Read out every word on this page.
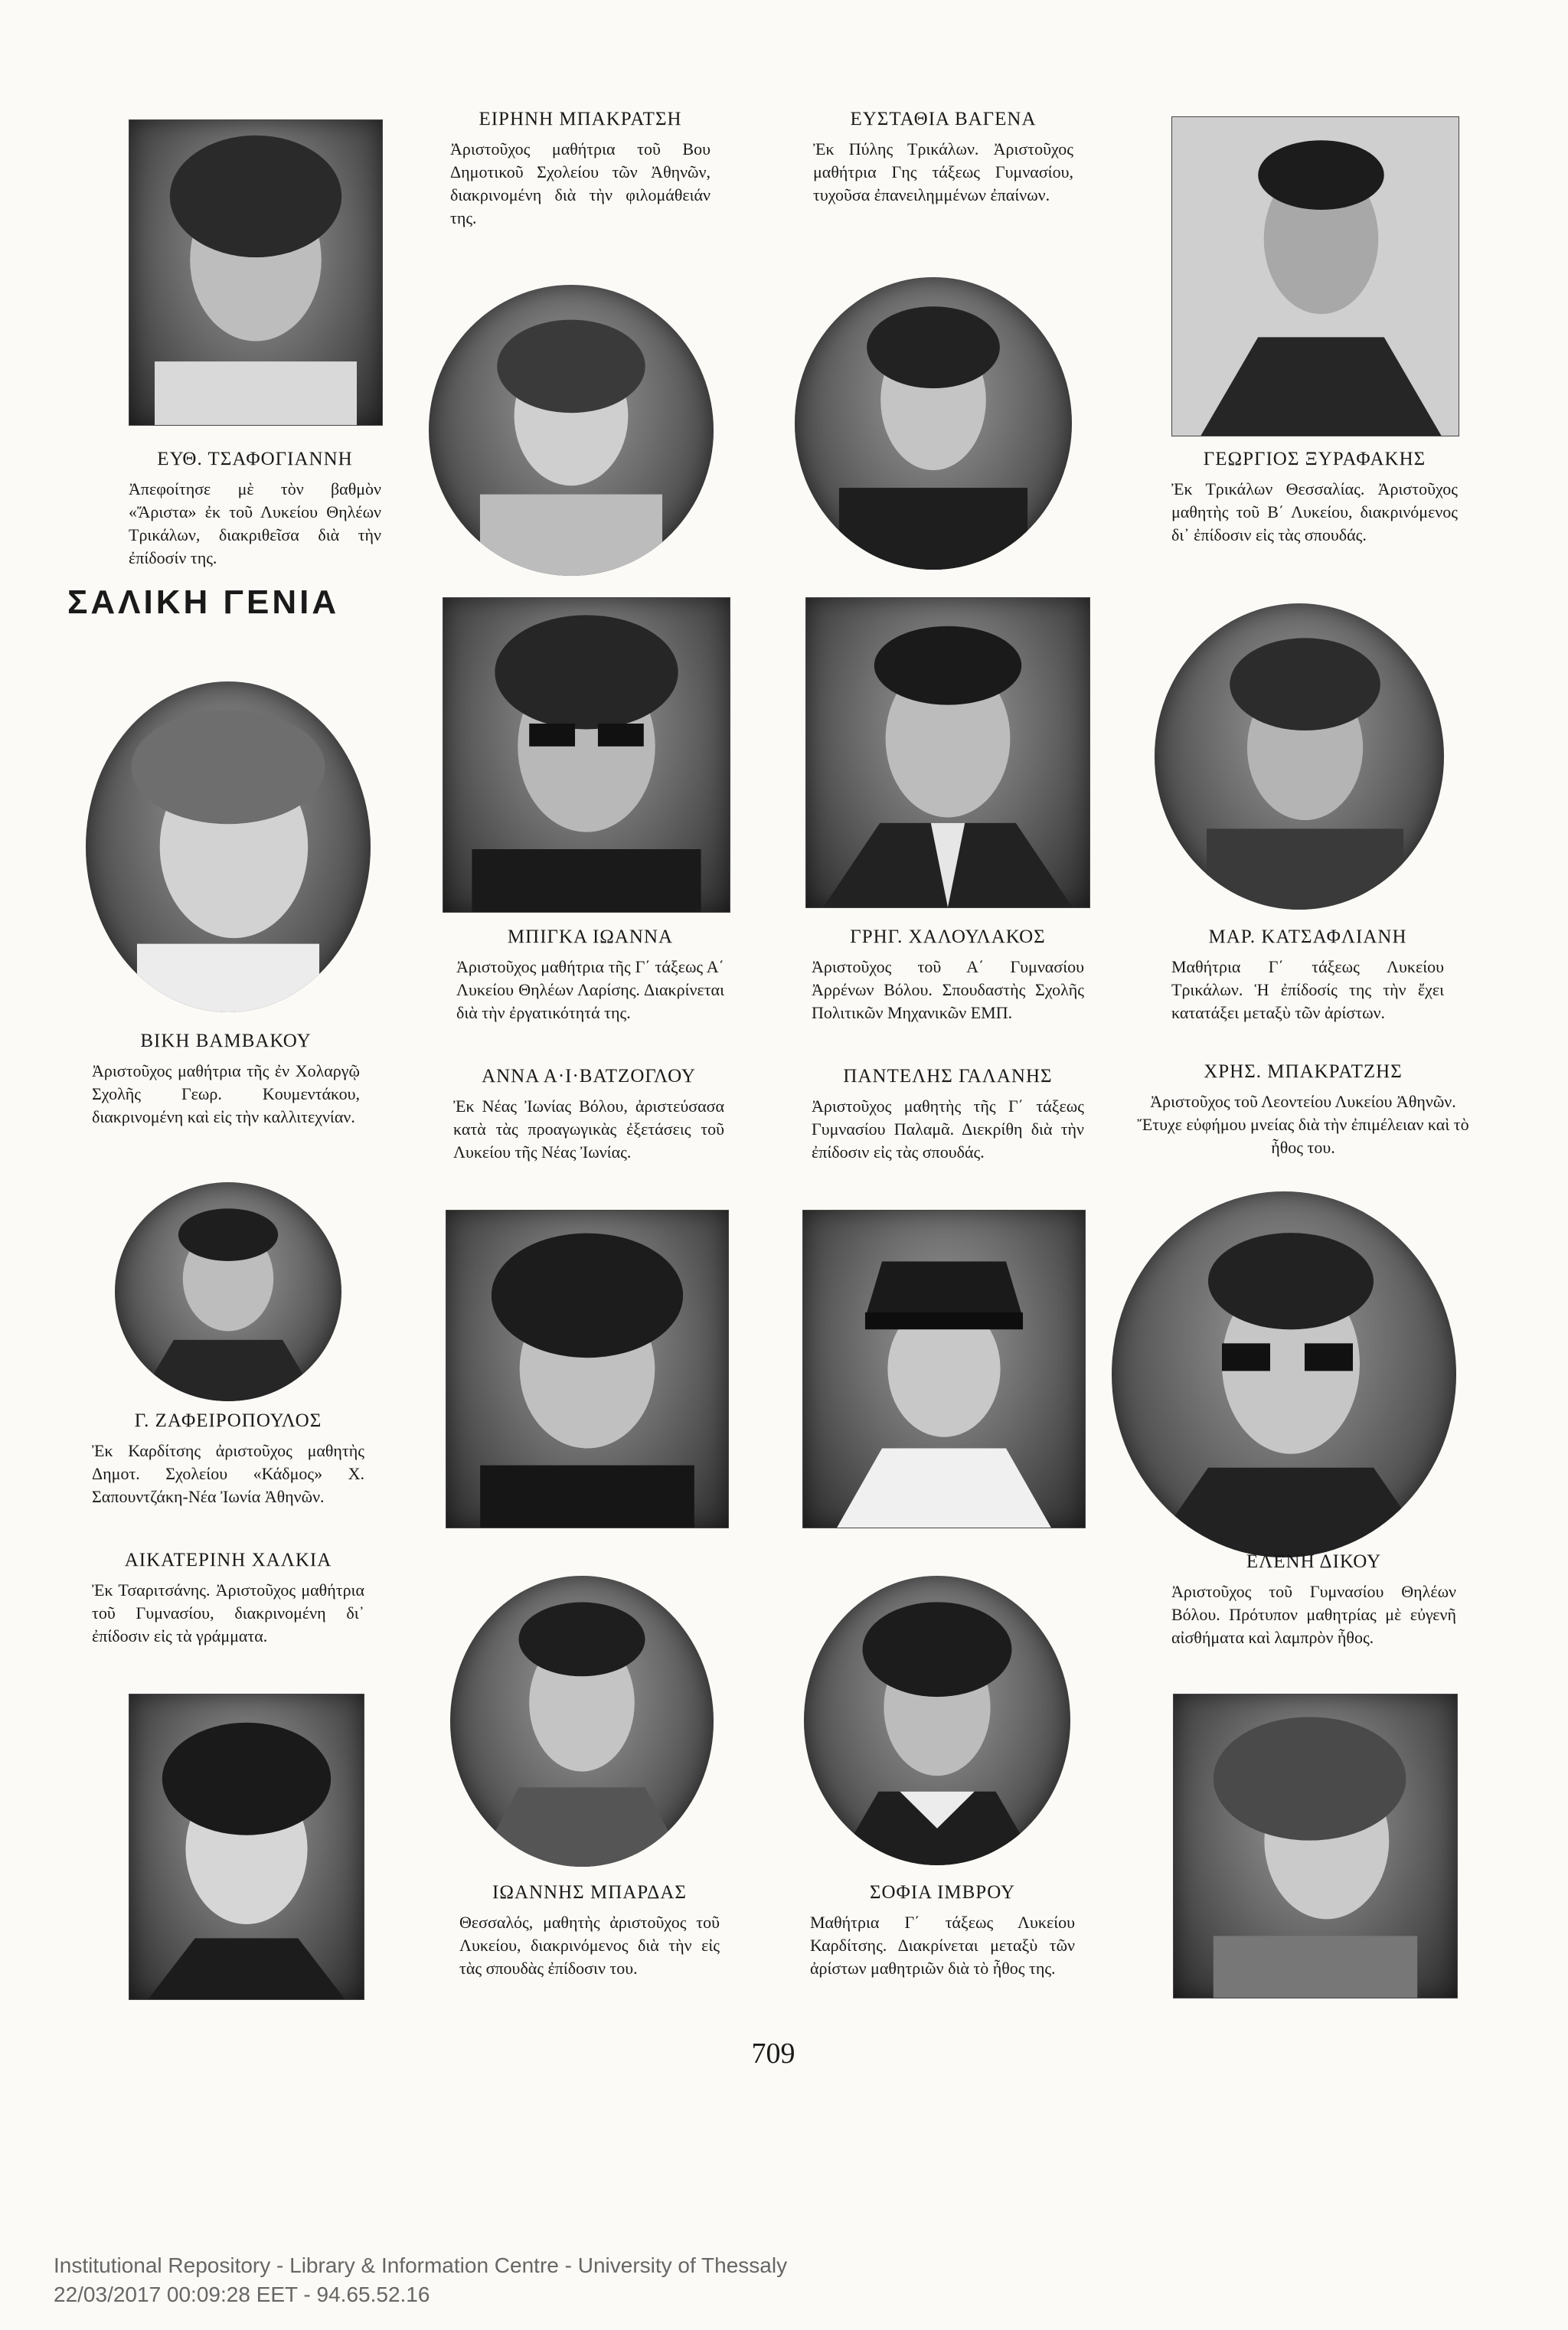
ΕΙΡΗΝΗ ΜΠΑΚΡΑΤΣΗ

Ἀριστοῦχος μαθήτρια τοῦ Βου Δημοτικοῦ Σχολείου τῶν Ἀθηνῶν, διακρινομένη διὰ τὴν φιλομάθειάν της.

ΕΥΣΤΑΘΙΑ ΒΑΓΕΝΑ

Ἐκ Πύλης Τρικάλων. Ἀριστοῦχος μαθήτρια Γης τάξεως Γυμνασίου, τυχοῦσα ἐπανειλημμένων ἐπαίνων.

ΕΥΘ. ΤΣΑΦΟΓΙΑΝΝΗ

Ἀπεφοίτησε μὲ τὸν βαθμὸν «Ἄριστα» ἐκ τοῦ Λυκείου Θηλέων Τρικάλων, διακριθεῖσα διὰ τὴν ἐπίδοσίν της.

ΓΕΩΡΓΙΟΣ ΞΥΡΑΦΑΚΗΣ

Ἐκ Τρικάλων Θεσσαλίας. Ἀριστοῦχος μαθητὴς τοῦ Β΄ Λυκείου, διακρινόμενος δι᾽ ἐπίδοσιν εἰς τὰς σπουδάς.

ΣΑΛΙΚΗ ΓΕΝΙΑ

ΒΙΚΗ ΒΑΜΒΑΚΟΥ

Ἀριστοῦχος μαθήτρια τῆς ἐν Χολαργῷ Σχολῆς Γεωρ. Κουμεντάκου, διακρινομένη καὶ εἰς τὴν καλλιτεχνίαν.

ΜΠΙΓΚΑ ΙΩΑΝΝΑ

Ἀριστοῦχος μαθήτρια τῆς Γ΄ τάξεως Α΄ Λυκείου Θηλέων Λαρίσης. Διακρίνεται διὰ τὴν ἐργατικότητά της.

ΓΡΗΓ. ΧΑΛΟΥΛΑΚΟΣ

Ἀριστοῦχος τοῦ Α΄ Γυμνασίου Ἀρρένων Βόλου. Σπουδαστὴς Σχολῆς Πολιτικῶν Μηχανικῶν ΕΜΠ.

ΜΑΡ. ΚΑΤΣΑΦΛΙΑΝΗ

Μαθήτρια Γ΄ τάξεως Λυκείου Τρικάλων. Ἡ ἐπίδοσίς της τὴν ἔχει κατατάξει μεταξὺ τῶν ἀρίστων.

ΑΝΝΑ Α·Ι·ΒΑΤΖΟΓΛΟΥ

Ἐκ Νέας Ἰωνίας Βόλου, ἀριστεύσασα κατὰ τὰς προαγωγικὰς ἐξετάσεις τοῦ Λυκείου τῆς Νέας Ἰωνίας.

ΠΑΝΤΕΛΗΣ ΓΑΛΑΝΗΣ

Ἀριστοῦχος μαθητὴς τῆς Γ΄ τάξεως Γυμνασίου Παλαμᾶ. Διεκρίθη διὰ τὴν ἐπίδοσιν εἰς τὰς σπουδάς.

ΧΡΗΣ. ΜΠΑΚΡΑΤΖΗΣ

Ἀριστοῦχος τοῦ Λεοντείου Λυκείου Ἀθηνῶν. Ἔτυχε εὐφήμου μνείας διὰ τὴν ἐπιμέλειαν καὶ τὸ ἦθος του.

Γ. ΖΑΦΕΙΡΟΠΟΥΛΟΣ

Ἐκ Καρδίτσης ἀριστοῦχος μαθητὴς Δημοτ. Σχολείου «Κάδμος» Χ. Σαπουντζάκη-Νέα Ἰωνία Ἀθηνῶν.

ΑΙΚΑΤΕΡΙΝΗ ΧΑΛΚΙΑ

Ἐκ Τσαριτσάνης. Ἀριστοῦχος μαθήτρια τοῦ Γυμνασίου, διακρινομένη δι᾽ ἐπίδοσιν εἰς τὰ γράμματα.

ΕΛΕΝΗ ΔΙΚΟΥ

Ἀριστοῦχος τοῦ Γυμνασίου Θηλέων Βόλου. Πρότυπον μαθητρίας μὲ εὐγενῆ αἰσθήματα καὶ λαμπρὸν ἦθος.

ΙΩΑΝΝΗΣ ΜΠΑΡΔΑΣ

Θεσσαλός, μαθητὴς ἀριστοῦχος τοῦ Λυκείου, διακρινόμενος διὰ τὴν εἰς τὰς σπουδὰς ἐπίδοσιν του.

ΣΟΦΙΑ ΙΜΒΡΟΥ

Μαθήτρια Γ΄ τάξεως Λυκείου Καρδίτσης. Διακρίνεται μεταξὺ τῶν ἀρίστων μαθητριῶν διὰ τὸ ἦθος της.

709

Institutional Repository - Library & Information Centre - University of Thessaly
22/03/2017 00:09:28 EET - 94.65.52.16
